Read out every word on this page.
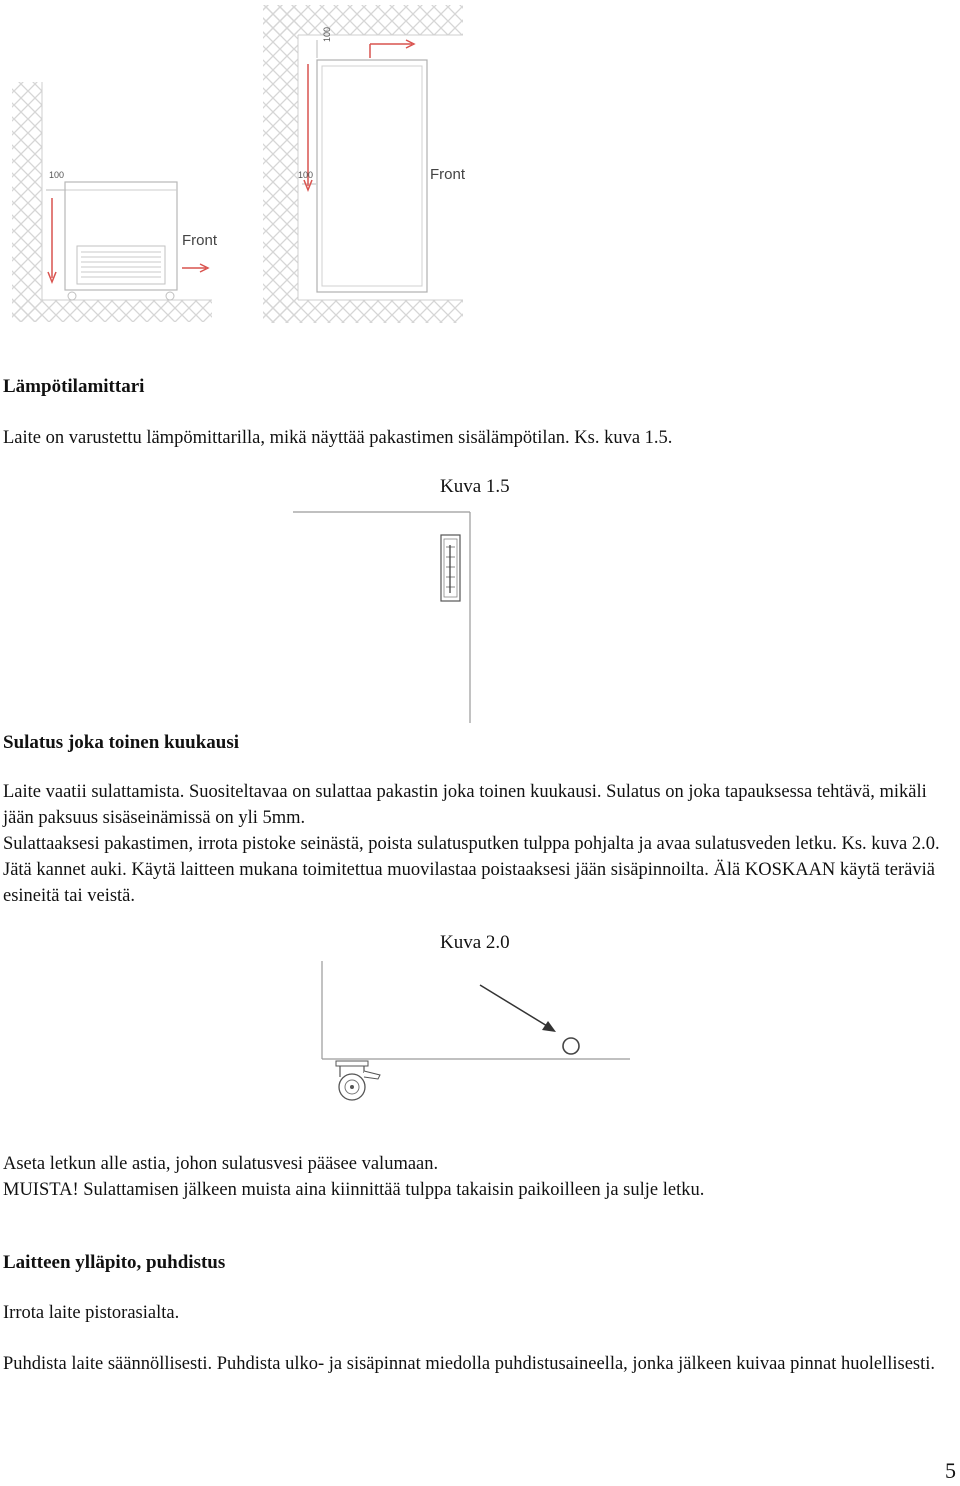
100	100
100
Front
Front
Lämpötilamittari

Laite on varustettu lämpömittarilla, mikä näyttää pakastimen sisälämpötilan. Ks. kuva 1.5.

Kuva 1.5
Sulatus joka toinen kuukausi

Laite vaatii sulattamista. Suositeltavaa on sulattaa pakastin joka toinen kuukausi. Sulatus on joka tapauksessa tehtävä, mikäli jään paksuus sisäseinämissä on yli 5mm.

Sulattaaksesi pakastimen, irrota pistoke seinästä, poista sulatusputken tulppa pohjalta ja avaa sulatusveden letku. Ks. kuva 2.0. Jätä kannet auki. Käytä laitteen mukana toimitettua muovilastaa poistaaksesi jään sisäpinnoilta. Älä KOSKAAN käytä teräviä esineitä tai veistä.

Kuva 2.0

Aseta letkun alle astia, johon sulatusvesi pääsee valumaan.

MUISTA! Sulattamisen jälkeen muista aina kiinnittää tulppa takaisin paikoilleen ja sulje letku.

Laitteen ylläpito, puhdistus

Irrota laite pistorasialta.

Puhdista laite säännöllisesti. Puhdista ulko- ja sisäpinnat miedolla puhdistusaineella, jonka jälkeen kuivaa pinnat huolellisesti.

5
